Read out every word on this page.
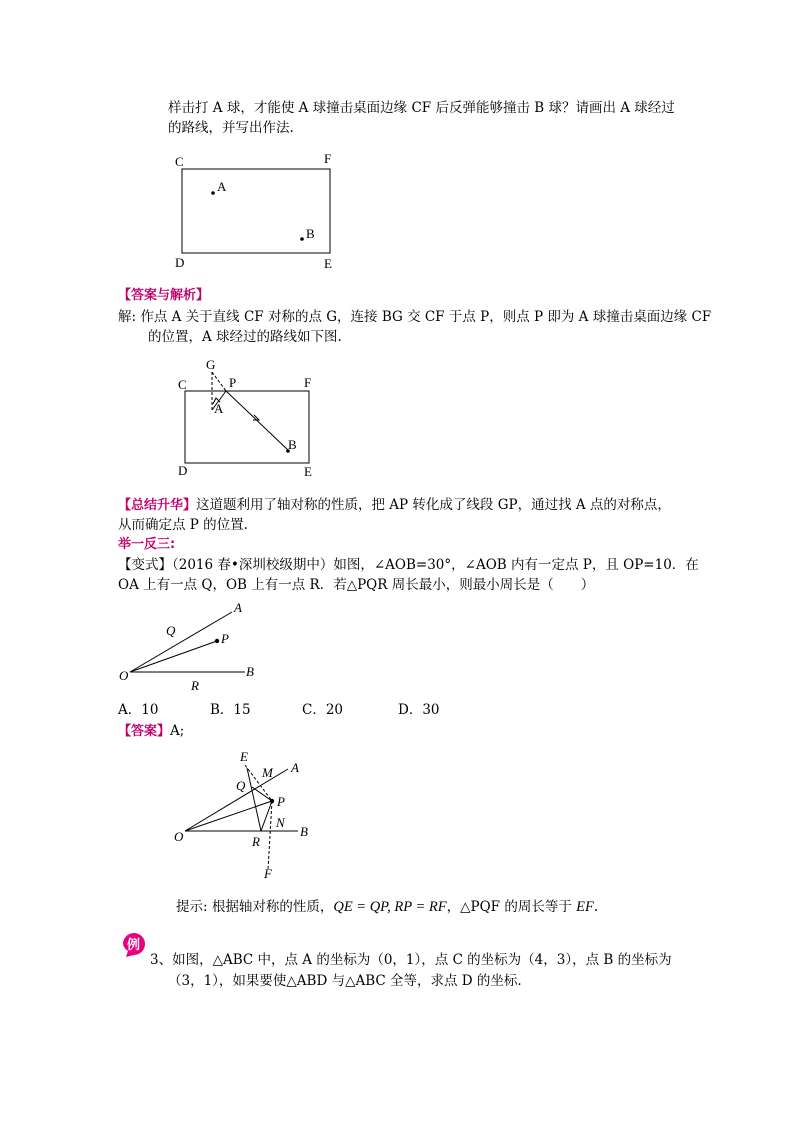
样击打 A 球，才能使 A 球撞击桌面边缘 CF 后反弹能够撞击 B 球？请画出 A 球经过
的路线，并写出作法.
C	F
D	E
A
B
【答案与解析】
解: 作点 A 关于直线 CF 对称的点 G，连接 BG 交 CF 于点 P，则点 P 即为 A 球撞击桌面边缘 CF
的位置，A 球经过的路线如下图.
G
C	P	F
A
B
D	E
【总结升华】这道题利用了轴对称的性质，把 AP 转化成了线段 GP，通过找 A 点的对称点，
从而确定点 P 的位置.
举一反三:
【变式】（2016 春•深圳校级期中）如图，∠AOB=30°，∠AOB 内有一定点 P，且 OP=10．在
OA 上有一点 Q，OB 上有一点 R．若△PQR 周长最小，则最小周长是（　　）
A
Q
P
O	B
R
A．10	B．15	C．20	D．30
【答案】A;
E
M A
Q
P
N
O	B
R
F
提示: 根据轴对称的性质，QE = QP, RP = RF，△PQF 的周长等于 EF.
例
3、如图，△ABC 中，点 A 的坐标为（0，1），点 C 的坐标为（4，3），点 B 的坐标为
（3，1），如果要使△ABD 与△ABC 全等，求点 D 的坐标.
